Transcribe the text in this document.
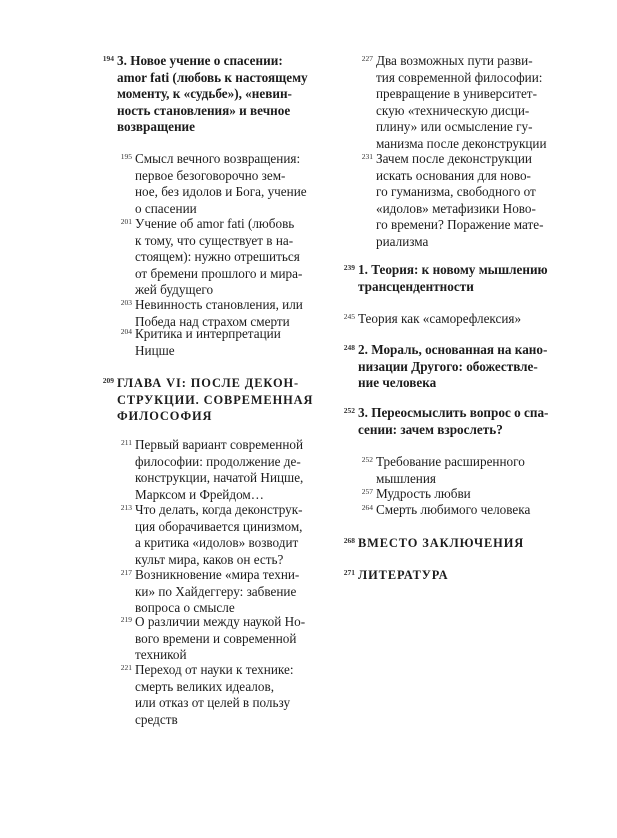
194 3. Новое учение о спасении:
amor fati (любовь к настоящему
моменту, к «судьбе»), «невин-
ность становления» и вечное
возвращение
195 Смысл вечного возвращения:
первое безоговорочно зем-
ное, без идолов и Бога, учение
о спасении
201 Учение об amor fati (любовь
к тому, что существует в на-
стоящем): нужно отрешиться
от бремени прошлого и мира-
жей будущего
203 Невинность становления, или
Победа над страхом смерти
204 Критика и интерпретации
Ницше
209 ГЛАВА VI: ПОСЛЕ ДЕКОН-
СТРУКЦИИ. СОВРЕМЕННАЯ
ФИЛОСОФИЯ
211 Первый вариант современной
философии: продолжение де-
конструкции, начатой Ницше,
Марксом и Фрейдом…
213 Что делать, когда деконструк-
ция оборачивается цинизмом,
а критика «идолов» возводит
культ мира, каков он есть?
217 Возникновение «мира техни-
ки» по Хайдеггеру: забвение
вопроса о смысле
219 О различии между наукой Но-
вого времени и современной
техникой
221 Переход от науки к технике:
смерть великих идеалов,
или отказ от целей в пользу
средств
227 Два возможных пути разви-
тия современной философии:
превращение в университет-
скую «техническую дисци-
плину» или осмысление гу-
манизма после деконструкции
231 Зачем после деконструкции
искать основания для ново-
го гуманизма, свободного от
«идолов» метафизики Ново-
го времени? Поражение мате-
риализма
239 1. Теория: к новому мышлению
трансцендентности
245 Теория как «саморефлексия»
248 2. Мораль, основанная на кано-
низации Другого: обожествле-
ние человека
252 3. Переосмыслить вопрос о спа-
сении: зачем взрослеть?
252 Требование расширенного
мышления
257 Мудрость любви
264 Смерть любимого человека
268 ВМЕСТО ЗАКЛЮЧЕНИЯ
271 ЛИТЕРАТУРА
